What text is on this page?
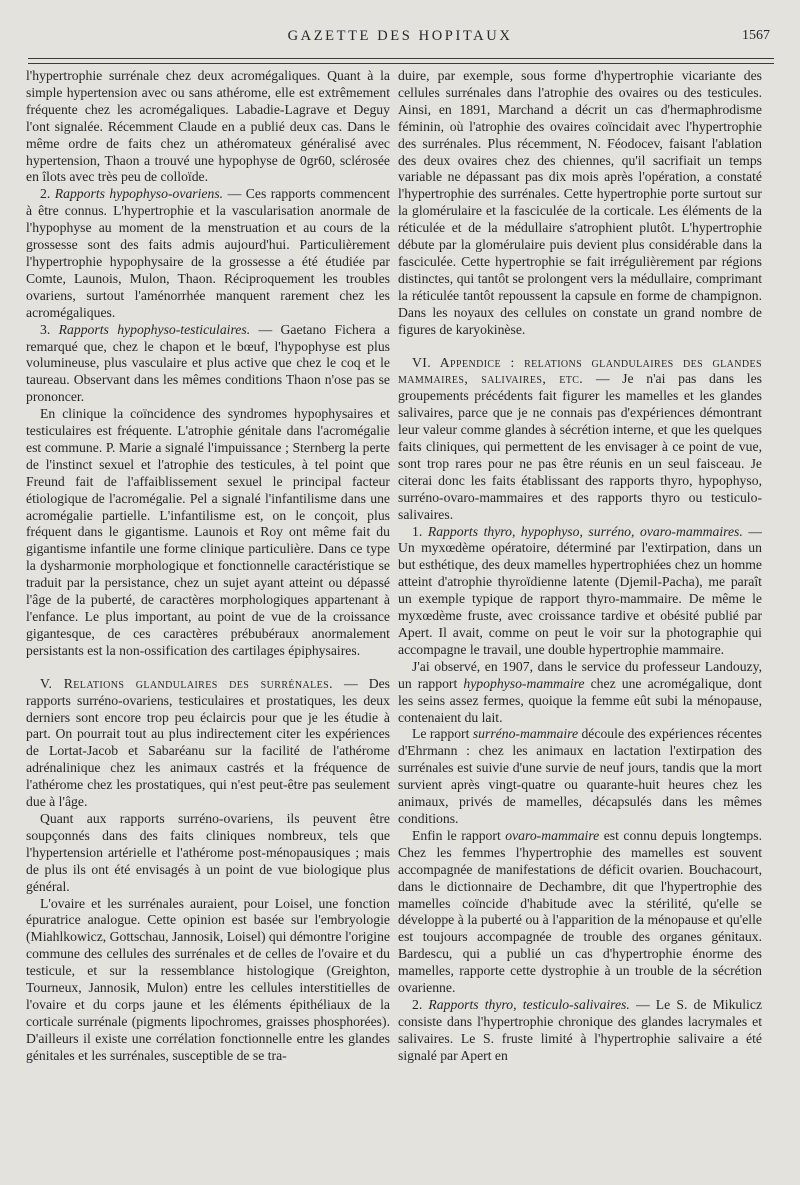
GAZETTE DES HOPITAUX	1567

l'hypertrophie surrénale chez deux acromégaliques. Quant à la simple hypertension avec ou sans athérome, elle est extrêmement fréquente chez les acromégaliques. Labadie-Lagrave et Deguy l'ont signalée. Récemment Claude en a publié deux cas. Dans le même ordre de faits chez un athéromateux généralisé avec hypertension, Thaon a trouvé une hypophyse de 0gr60, sclérosée en îlots avec très peu de colloïde.

2. Rapports hypophyso-ovariens. — Ces rapports commencent à être connus. L'hypertrophie et la vascularisation anormale de l'hypophyse au moment de la menstruation et au cours de la grossesse sont des faits admis aujourd'hui. Particulièrement l'hypertrophie hypophysaire de la grossesse a été étudiée par Comte, Launois, Mulon, Thaon. Réciproquement les troubles ovariens, surtout l'aménorrhée manquent rarement chez les acromégaliques.

3. Rapports hypophyso-testiculaires. — Gaetano Fichera a remarqué que, chez le chapon et le bœuf, l'hypophyse est plus volumineuse, plus vasculaire et plus active que chez le coq et le taureau. Observant dans les mêmes conditions Thaon n'ose pas se prononcer.

En clinique la coïncidence des syndromes hypophysaires et testiculaires est fréquente. L'atrophie génitale dans l'acromégalie est commune. P. Marie a signalé l'impuissance ; Sternberg la perte de l'instinct sexuel et l'atrophie des testicules, à tel point que Freund fait de l'affaiblissement sexuel le principal facteur étiologique de l'acromégalie. Pel a signalé l'infantilisme dans une acromégalie partielle. L'infantilisme est, on le conçoit, plus fréquent dans le gigantisme. Launois et Roy ont même fait du gigantisme infantile une forme clinique particulière. Dans ce type la dysharmonie morphologique et fonctionnelle caractéristique se traduit par la persistance, chez un sujet ayant atteint ou dépassé l'âge de la puberté, de caractères morphologiques appartenant à l'enfance. Le plus important, au point de vue de la croissance gigantesque, de ces caractères prébubéraux anormalement persistants est la non-ossification des cartilages épiphysaires.

V. Relations glandulaires des surrénales. — Des rapports surréno-ovariens, testiculaires et prostatiques, les deux derniers sont encore trop peu éclaircis pour que je les étudie à part. On pourrait tout au plus indirectement citer les expériences de Lortat-Jacob et Sabaréanu sur la facilité de l'athérome adrénalinique chez les animaux castrés et la fréquence de l'athérome chez les prostatiques, qui n'est peut-être pas seulement due à l'âge.

Quant aux rapports surréno-ovariens, ils peuvent être soupçonnés dans des faits cliniques nombreux, tels que l'hypertension artérielle et l'athérome post-ménopausiques ; mais de plus ils ont été envisagés à un point de vue biologique plus général.

L'ovaire et les surrénales auraient, pour Loisel, une fonction épuratrice analogue. Cette opinion est basée sur l'embryologie (Miahlkowicz, Gottschau, Jannosik, Loisel) qui démontre l'origine commune des cellules des surrénales et de celles de l'ovaire et du testicule, et sur la ressemblance histologique (Greighton, Tourneux, Jannosik, Mulon) entre les cellules interstitielles de l'ovaire et du corps jaune et les éléments épithéliaux de la corticale surrénale (pigments lipochromes, graisses phosphorées). D'ailleurs il existe une corrélation fonctionnelle entre les glandes génitales et les surrénales, susceptible de se tra-

duire, par exemple, sous forme d'hypertrophie vicariante des cellules surrénales dans l'atrophie des ovaires ou des testicules. Ainsi, en 1891, Marchand a décrit un cas d'hermaphrodisme féminin, où l'atrophie des ovaires coïncidait avec l'hypertrophie des surrénales. Plus récemment, N. Féodocev, faisant l'ablation des deux ovaires chez des chiennes, qu'il sacrifiait un temps variable ne dépassant pas dix mois après l'opération, a constaté l'hypertrophie des surrénales. Cette hypertrophie porte surtout sur la glomérulaire et la fasciculée de la corticale. Les éléments de la réticulée et de la médullaire s'atrophient plutôt. L'hypertrophie débute par la glomérulaire puis devient plus considérable dans la fasciculée. Cette hypertrophie se fait irrégulièrement par régions distinctes, qui tantôt se prolongent vers la médullaire, comprimant la réticulée tantôt repoussent la capsule en forme de champignon. Dans les noyaux des cellules on constate un grand nombre de figures de karyokinèse.

VI. Appendice : relations glandulaires des glandes mammaires, salivaires, etc. — Je n'ai pas dans les groupements précédents fait figurer les mamelles et les glandes salivaires, parce que je ne connais pas d'expériences démontrant leur valeur comme glandes à sécrétion interne, et que les quelques faits cliniques, qui permettent de les envisager à ce point de vue, sont trop rares pour ne pas être réunis en un seul faisceau. Je citerai donc les faits établissant des rapports thyro, hypophyso, surréno-ovaro-mammaires et des rapports thyro ou testiculo-salivaires.

1. Rapports thyro, hypophyso, surréno, ovaro-mammaires. — Un myxœdème opératoire, déterminé par l'extirpation, dans un but esthétique, des deux mamelles hypertrophiées chez un homme atteint d'atrophie thyroïdienne latente (Djemil-Pacha), me paraît un exemple typique de rapport thyro-mammaire. De même le myxœdème fruste, avec croissance tardive et obésité publié par Apert. Il avait, comme on peut le voir sur la photographie qui accompagne le travail, une double hypertrophie mammaire.

J'ai observé, en 1907, dans le service du professeur Landouzy, un rapport hypophyso-mammaire chez une acromégalique, dont les seins assez fermes, quoique la femme eût subi la ménopause, contenaient du lait.

Le rapport surréno-mammaire découle des expériences récentes d'Ehrmann : chez les animaux en lactation l'extirpation des surrénales est suivie d'une survie de neuf jours, tandis que la mort survient après vingt-quatre ou quarante-huit heures chez les animaux, privés de mamelles, décapsulés dans les mêmes conditions.

Enfin le rapport ovaro-mammaire est connu depuis longtemps. Chez les femmes l'hypertrophie des mamelles est souvent accompagnée de manifestations de déficit ovarien. Bouchacourt, dans le dictionnaire de Dechambre, dit que l'hypertrophie des mamelles coïncide d'habitude avec la stérilité, qu'elle se développe à la puberté ou à l'apparition de la ménopause et qu'elle est toujours accompagnée de trouble des organes génitaux. Bardescu, qui a publié un cas d'hypertrophie énorme des mamelles, rapporte cette dystrophie à un trouble de la sécrétion ovarienne.

2. Rapports thyro, testiculo-salivaires. — Le S. de Mikulicz consiste dans l'hypertrophie chronique des glandes lacrymales et salivaires. Le S. fruste limité à l'hypertrophie salivaire a été signalé par Apert en
